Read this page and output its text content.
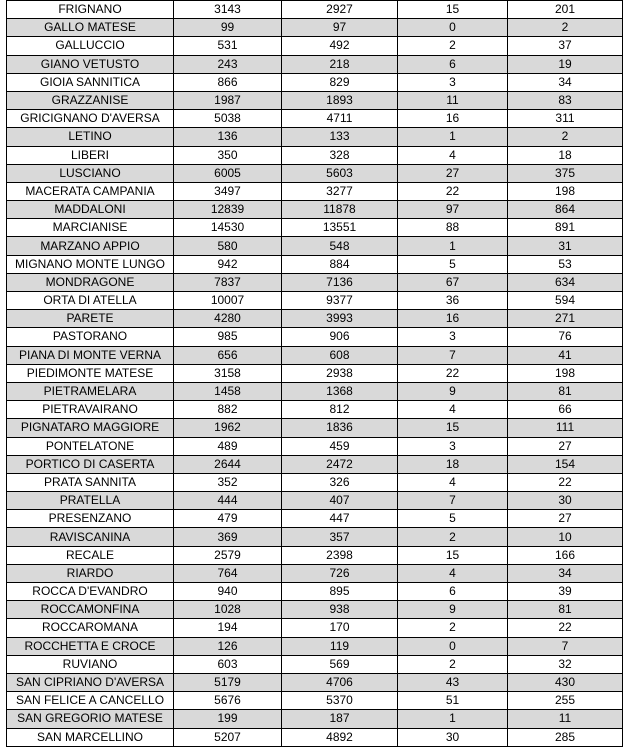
FRIGNANO	3143	2927	15	201
GALLO MATESE	99	97	0	2
GALLUCCIO	531	492	2	37
GIANO VETUSTO	243	218	6	19
GIOIA SANNITICA	866	829	3	34
GRAZZANISE	1987	1893	11	83
GRICIGNANO D'AVERSA	5038	4711	16	311
LETINO	136	133	1	2
LIBERI	350	328	4	18
LUSCIANO	6005	5603	27	375
MACERATA CAMPANIA	3497	3277	22	198
MADDALONI	12839	11878	97	864
MARCIANISE	14530	13551	88	891
MARZANO APPIO	580	548	1	31
MIGNANO MONTE LUNGO	942	884	5	53
MONDRAGONE	7837	7136	67	634
ORTA DI ATELLA	10007	9377	36	594
PARETE	4280	3993	16	271
PASTORANO	985	906	3	76
PIANA DI MONTE VERNA	656	608	7	41
PIEDIMONTE MATESE	3158	2938	22	198
PIETRAMELARA	1458	1368	9	81
PIETRAVAIRANO	882	812	4	66
PIGNATARO MAGGIORE	1962	1836	15	111
PONTELATONE	489	459	3	27
PORTICO DI CASERTA	2644	2472	18	154
PRATA SANNITA	352	326	4	22
PRATELLA	444	407	7	30
PRESENZANO	479	447	5	27
RAVISCANINA	369	357	2	10
RECALE	2579	2398	15	166
RIARDO	764	726	4	34
ROCCA D'EVANDRO	940	895	6	39
ROCCAMONFINA	1028	938	9	81
ROCCAROMANA	194	170	2	22
ROCCHETTA E CROCE	126	119	0	7
RUVIANO	603	569	2	32
SAN CIPRIANO D'AVERSA	5179	4706	43	430
SAN FELICE A CANCELLO	5676	5370	51	255
SAN GREGORIO MATESE	199	187	1	11
SAN MARCELLINO	5207	4892	30	285
